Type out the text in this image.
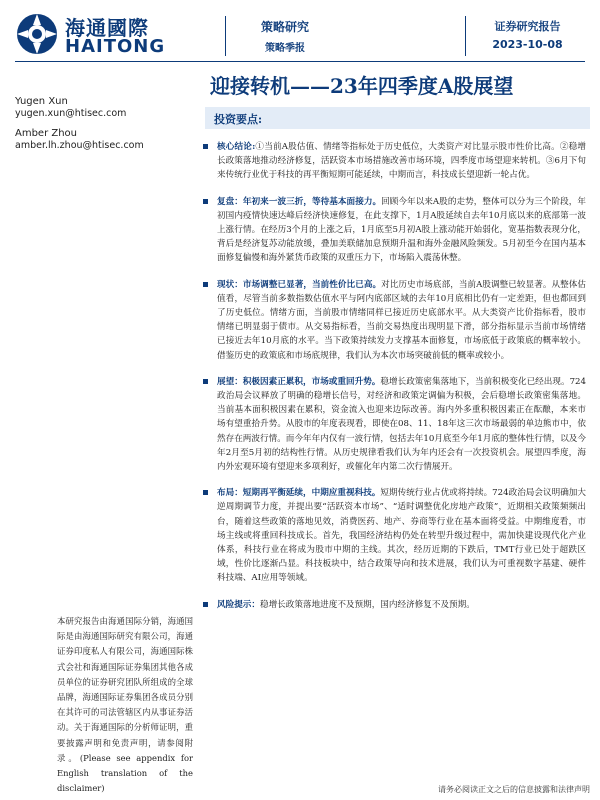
海通國際
HAITONG
策略研究
策略季报
证券研究报告
2023-10-08
迎接转机——23年四季度A股展望
Yugen Xun
yugen.xun@htisec.com
Amber Zhou
amber.lh.zhou@htisec.com
投资要点:
核心结论:①当前A股估值、情绪等指标处于历史低位，大类资产对比显示股市性价比高。②稳增长政策落地推动经济修复，活跃资本市场措施改善市场环境，四季度市场望迎来转机。③6月下旬来传统行业优于科技的再平衡短期可能延续，中期而言，科技成长望迎新一轮占优。
复盘：年初来一波三折，等待基本面接力。回顾今年以来A股的走势，整体可以分为三个阶段，年初国内疫情快速达峰后经济快速修复，在此支撑下，1月A股延续自去年10月底以来的底部第一波上涨行情。在经历3个月的上涨之后，1月底至5月初A股上涨动能开始弱化，宽基指数表现分化，背后是经济复苏动能放缓，叠加美联储加息预期升温和海外金融风险频发。5月初至今在国内基本面修复偏慢和海外紧货币政策的双重压力下，市场陷入震荡休整。
现状：市场调整已显著，当前性价比已高。对比历史市场底部，当前A股调整已较显著。从整体估值看，尽管当前多数指数估值水平与阿内底部区域的去年10月底相比仍有一定差距，但也都回到了历史低位。情绪方面，当前股市情绪同样已接近历史底部水平。从大类资产比价指标看，股市情绪已明显弱于债市。从交易指标看，当前交易热度出现明显下滑，部分指标显示当前市场情绪已接近去年10月底的水平。当下政策持续发力支撑基本面修复，市场底低于政策底的概率较小。借鉴历史的政策底和市场底规律，我们认为本次市场突破前低的概率或较小。
展望：积极因素正累积，市场或重回升势。稳增长政策密集落地下，当前积极变化已经出现。724政治局会议释放了明确的稳增长信号，对经济和政策定调偏为积极，会后稳增长政策密集落地。当前基本面积极因素在累积，资金流入也迎来边际改善。海内外多重积极因素正在酝酿，本来市场有望重拾升势。从股市的年度表现看，即使在08、11、18年这三次市场最弱的单边熊市中，依然存在两波行情。而今年年内仅有一波行情，包括去年10月底至今年1月底的整体性行情，以及今年2月至5月初的结构性行情。从历史规律看我们认为年内还会有一次投资机会。展望四季度，海内外宏观环境有望迎来多项利好，或催化年内第二次行情展开。
布局：短期再平衡延续，中期应重视科技。短期传统行业占优或将持续。724政治局会议明确加大逆周期调节力度，并提出要“活跃资本市场”、“适时调整优化房地产政策”，近期相关政策频频出台，随着这些政策的落地见效，消费医药、地产、券商等行业在基本面将受益。中期维度看，市场主线或将重回科技成长。首先，我国经济结构仍处在转型升级过程中，需加快建设现代化产业体系，科技行业在将成为股市中期的主线。其次，经历近期的下跌后，TMT行业已处于超跌区域，性价比逐渐凸显。科技板块中，结合政策导向和技术进展，我们认为可重视数字基建、硬件科技端、AI应用等领域。
风险提示：稳增长政策落地进度不及预期，国内经济修复不及预期。
本研究报告由海通国际分销，海通国际是由海通国际研究有限公司，海通证券印度私人有限公司，海通国际株式会社和海通国际证券集团其他各成员单位的证券研究团队所组成的全球品牌，海通国际证券集团各成员分别在其许可的司法管辖区内从事证券活动。关于海通国际的分析师证明，重要披露声明和免责声明，请参阅附录。(Please see appendix for English translation of the disclaimer)	请务必阅读正文之后的信息披露和法律声明
